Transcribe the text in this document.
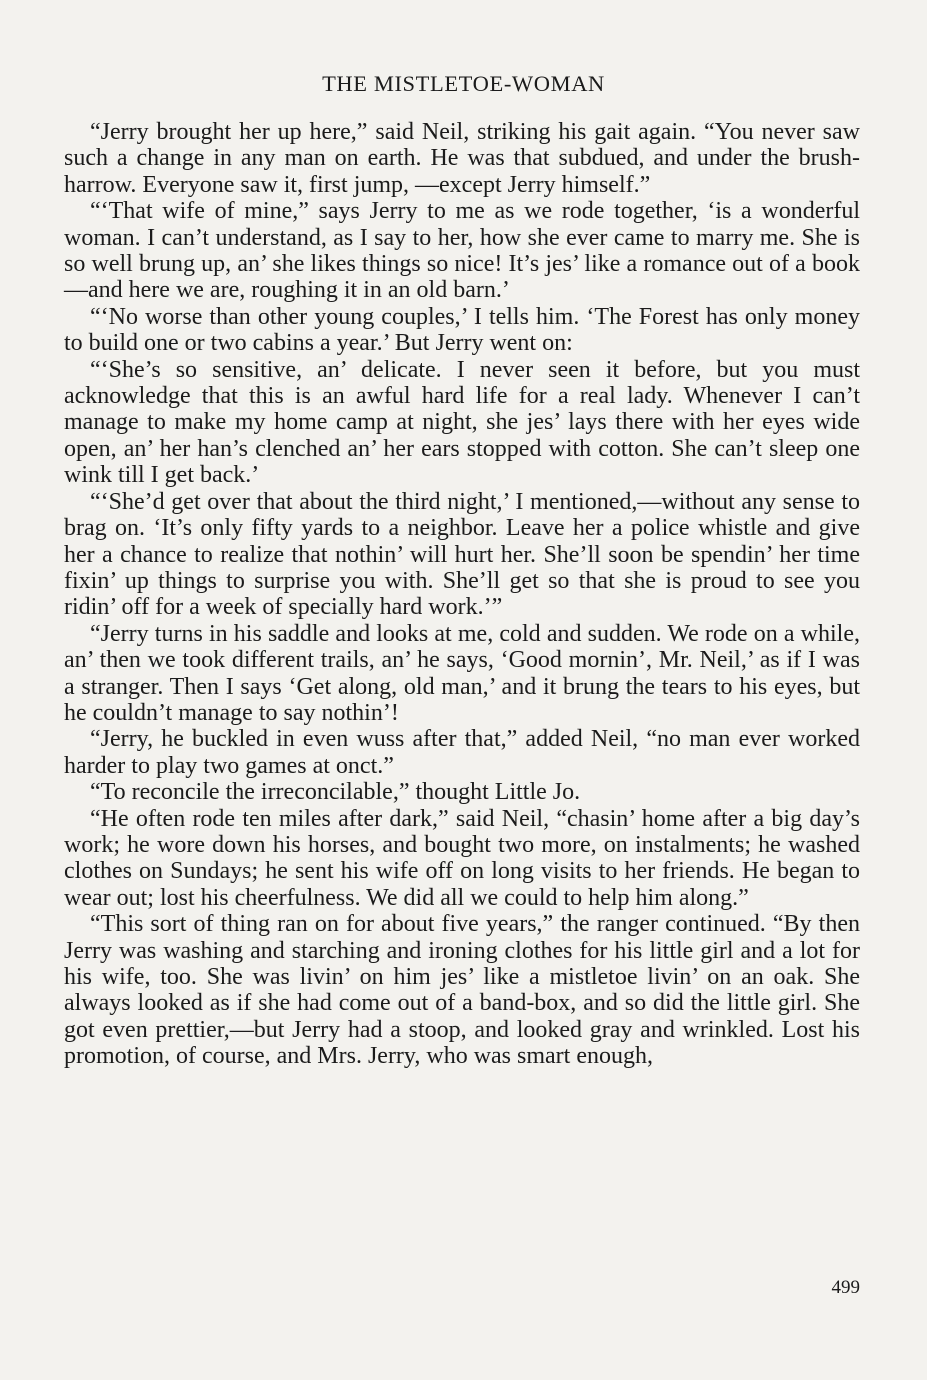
THE MISTLETOE-WOMAN

“Jerry brought her up here,” said Neil, striking his gait again. “You never saw such a change in any man on earth. He was that subdued, and under the brush-harrow. Everyone saw it, first jump, —except Jerry himself.”

“‘That wife of mine,” says Jerry to me as we rode together, ‘is a wonderful woman. I can’t understand, as I say to her, how she ever came to marry me. She is so well brung up, an’ she likes things so nice! It’s jes’ like a romance out of a book—and here we are, roughing it in an old barn.’

“‘No worse than other young couples,’ I tells him. ‘The Forest has only money to build one or two cabins a year.’ But Jerry went on:

“‘She’s so sensitive, an’ delicate. I never seen it before, but you must acknowledge that this is an awful hard life for a real lady. Whenever I can’t manage to make my home camp at night, she jes’ lays there with her eyes wide open, an’ her han’s clenched an’ her ears stopped with cotton. She can’t sleep one wink till I get back.’

“‘She’d get over that about the third night,’ I mentioned,—without any sense to brag on. ‘It’s only fifty yards to a neighbor. Leave her a police whistle and give her a chance to realize that nothin’ will hurt her. She’ll soon be spendin’ her time fixin’ up things to surprise you with. She’ll get so that she is proud to see you ridin’ off for a week of specially hard work.’”

“Jerry turns in his saddle and looks at me, cold and sudden. We rode on a while, an’ then we took different trails, an’ he says, ‘Good mornin’, Mr. Neil,’ as if I was a stranger. Then I says ‘Get along, old man,’ and it brung the tears to his eyes, but he couldn’t manage to say nothin’!

“Jerry, he buckled in even wuss after that,” added Neil, “no man ever worked harder to play two games at onct.”

“To reconcile the irreconcilable,” thought Little Jo.

“He often rode ten miles after dark,” said Neil, “chasin’ home after a big day’s work; he wore down his horses, and bought two more, on instalments; he washed clothes on Sundays; he sent his wife off on long visits to her friends. He began to wear out; lost his cheerfulness. We did all we could to help him along.”

“This sort of thing ran on for about five years,” the ranger continued. “By then Jerry was washing and starching and ironing clothes for his little girl and a lot for his wife, too. She was livin’ on him jes’ like a mistletoe livin’ on an oak. She always looked as if she had come out of a band-box, and so did the little girl. She got even prettier,—but Jerry had a stoop, and looked gray and wrinkled. Lost his promotion, of course, and Mrs. Jerry, who was smart enough,

499
